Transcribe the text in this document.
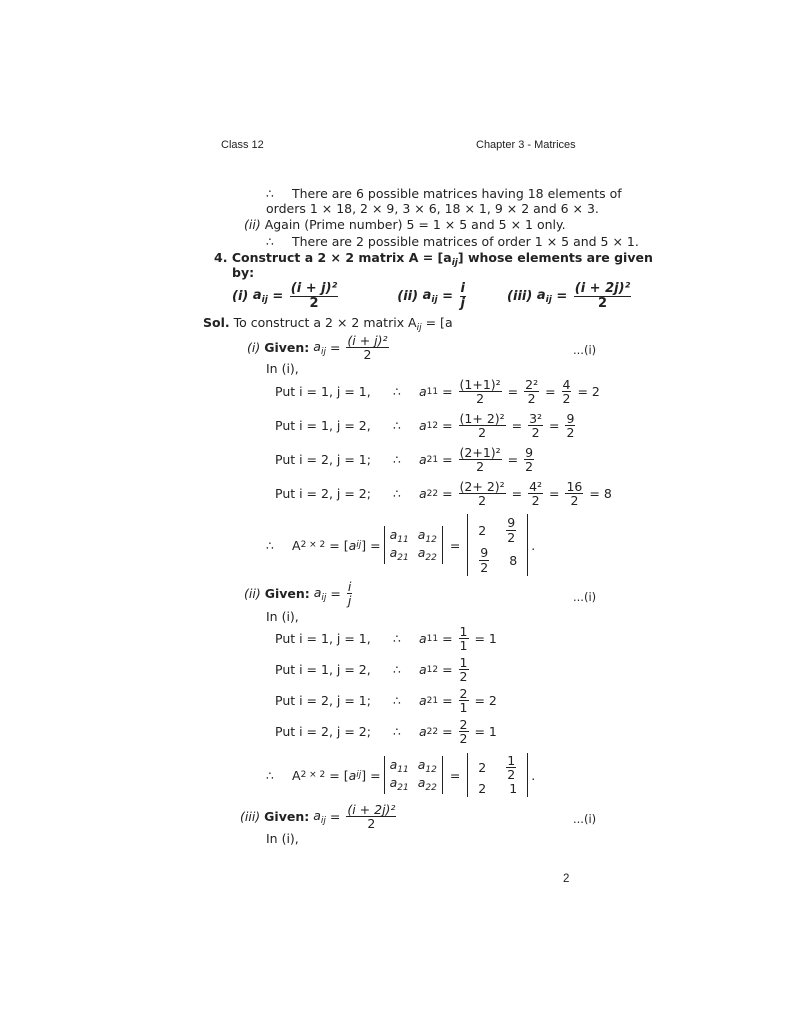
Class 12	Chapter 3 - Matrices
∴ There are 6 possible matrices having 18 elements of
orders 1 × 18, 2 × 9, 3 × 6, 18 × 1, 9 × 2 and 6 × 3.
(ii) Again (Prime number) 5 = 1 × 5 and 5 × 1 only.
∴ There are 2 possible matrices of order 1 × 5 and 5 × 1.
4. Construct a 2 × 2 matrix $A = [a_{ij}]$ whose elements are given
by:
(i)
$a_{ij} = \frac{\text{(i + j)²}}{2}$
	(ii)
$a_{ij} = \frac{i}{j}$
	(iii)
$a_{ij} = \frac{\text{(i + 2j)²}}{2}$
Sol. To construct a 2 × 2 matrix $A_{ij} = [a$
(i)
Given:
$a_{ij} = \frac{\text{(i + j)²}}{2}$	...(i)
In (i),
Put i = 1, j = 1,	∴	a $11 = \frac{\text{(1+1)²}}{2} = \frac{\text{2²}}{2} = \frac{4}{2} = 2$
Put i = 1, j = 2,	∴	a $12 = \frac{\text{(1+ 2)²}}{2} = \frac{\text{3²}}{2} = \frac{9}{2}$
Put i = 2, j = 1;	∴	a $21 = \frac{\text{(2+1)²}}{2} = \frac{9}{2}$
Put i = 2, j = 2;	∴	a $22 = \frac{\text{(2+ 2)²}}{2} = \frac{\text{4²}}{2} = \frac{16}{2} = 8$
∴	A 2 × 2 = [ a ij ] =
$a_{11}$ $a_{12}$
$a_{21}$ $a_{22}$
=
2	$\frac{9}{2}$
$\frac{9}{2}$	8
.
(ii)
Given:
$a_{ij} = \frac{i}{j}$	...(i)
In (i),
Put i = 1, j = 1,	∴	a $11 = \frac{1}{1} = 1$
Put i = 1, j = 2,	∴	a $12 = \frac{1}{2}$
Put i = 2, j = 1;	∴	a $21 = \frac{2}{1} = 2$
Put i = 2, j = 2;	∴	a $22 = \frac{2}{2} = 1$
∴	A 2 × 2 = [ a ij ] =
$a_{11}$ $a_{12}$
$a_{21}$ $a_{22}$
=	2	$\frac{1}{2}$
2	1
.
(iii)
Given:
$a_{ij} = \frac{\text{(i + 2j)²}}{2}$	...(i)
In (i),
2
